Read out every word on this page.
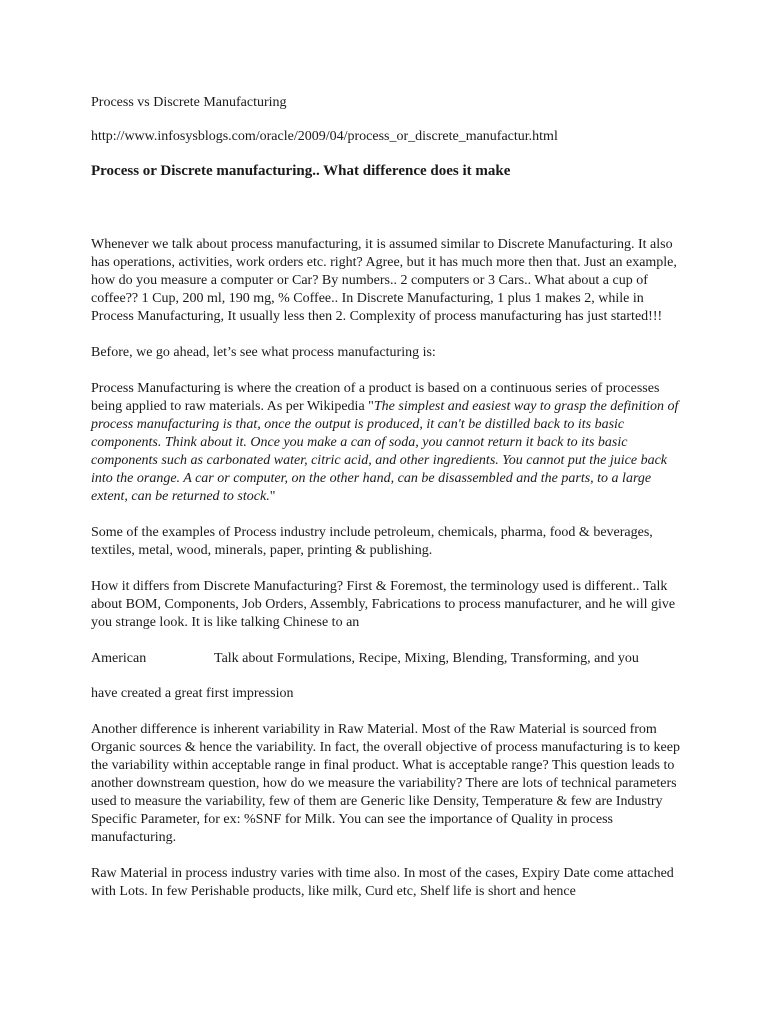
Process vs Discrete Manufacturing

http://www.infosysblogs.com/oracle/2009/04/process_or_discrete_manufactur.html

Process or Discrete manufacturing.. What difference does it make

Whenever we talk about process manufacturing, it is assumed similar to Discrete Manufacturing. It also has operations, activities, work orders etc. right? Agree, but it has much more then that. Just an example, how do you measure a computer or Car? By numbers.. 2 computers or 3 Cars.. What about a cup of coffee?? 1 Cup, 200 ml, 190 mg, % Coffee.. In Discrete Manufacturing, 1 plus 1 makes 2, while in Process Manufacturing, It usually less then 2. Complexity of process manufacturing has just started!!!

Before, we go ahead, let’s see what process manufacturing is:

Process Manufacturing is where the creation of a product is based on a continuous series of processes being applied to raw materials. As per Wikipedia "The simplest and easiest way to grasp the definition of process manufacturing is that, once the output is produced, it can't be distilled back to its basic components. Think about it. Once you make a can of soda, you cannot return it back to its basic components such as carbonated water, citric acid, and other ingredients. You cannot put the juice back into the orange. A car or computer, on the other hand, can be disassembled and the parts, to a large extent, can be returned to stock."

Some of the examples of Process industry include petroleum, chemicals, pharma, food & beverages, textiles, metal, wood, minerals, paper, printing & publishing.

How it differs from Discrete Manufacturing? First & Foremost, the terminology used is different.. Talk about BOM, Components, Job Orders, Assembly, Fabrications to process manufacturer, and he will give you strange look. It is like talking Chinese to an

American	Talk about Formulations, Recipe, Mixing, Blending, Transforming, and you

have created a great first impression

Another difference is inherent variability in Raw Material. Most of the Raw Material is sourced from Organic sources & hence the variability. In fact, the overall objective of process manufacturing is to keep the variability within acceptable range in final product. What is acceptable range? This question leads to another downstream question, how do we measure the variability? There are lots of technical parameters used to measure the variability, few of them are Generic like Density, Temperature & few are Industry Specific Parameter, for ex: %SNF for Milk. You can see the importance of Quality in process manufacturing.

Raw Material in process industry varies with time also. In most of the cases, Expiry Date come attached with Lots. In few Perishable products, like milk, Curd etc, Shelf life is short and hence
